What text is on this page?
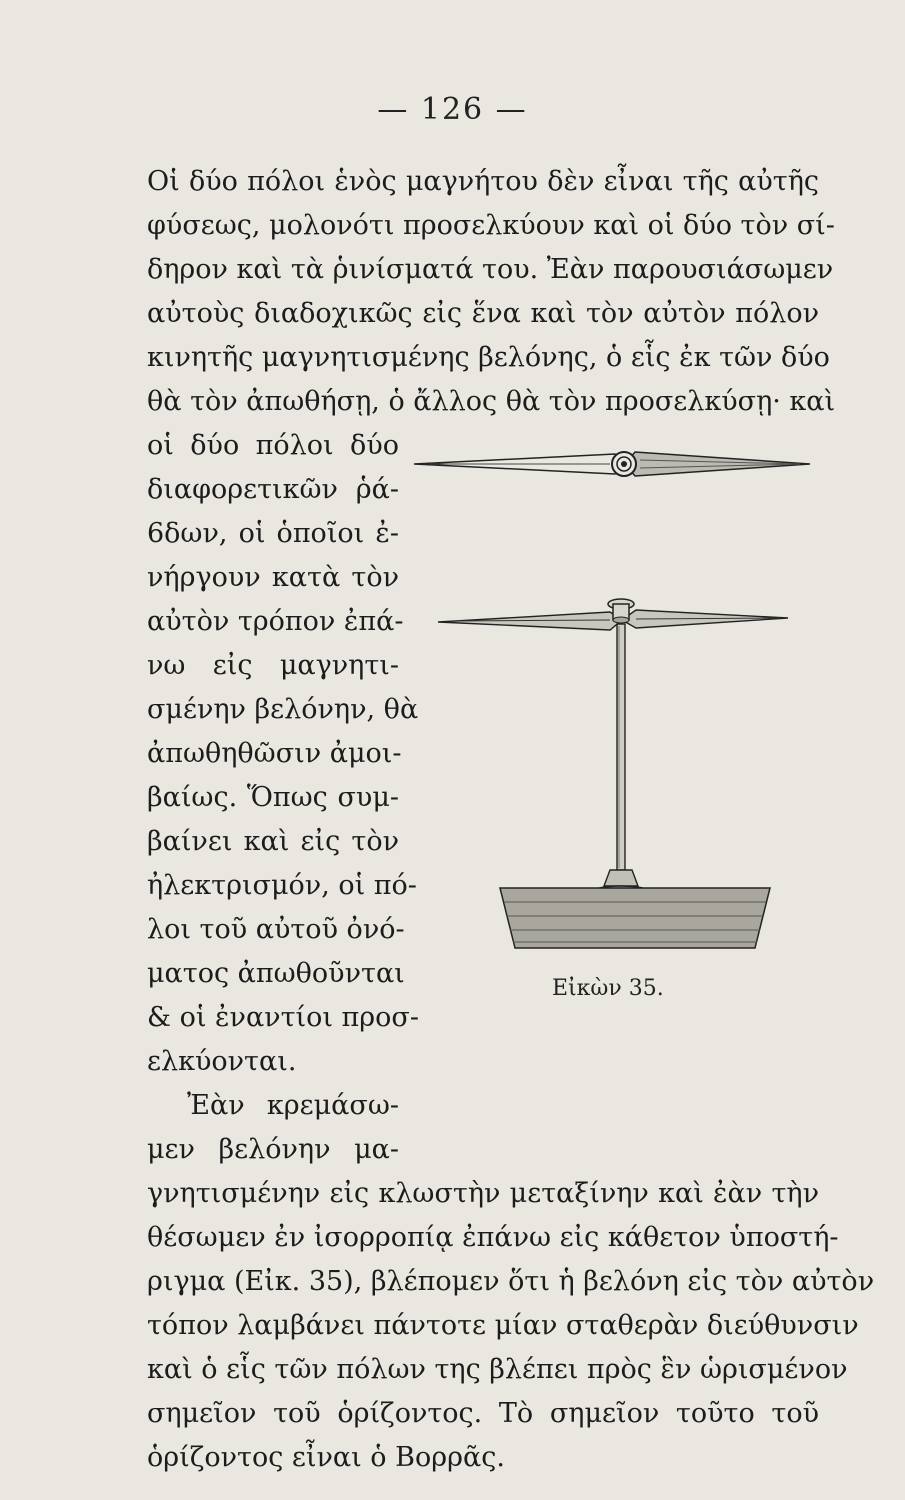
— 126 —
Οἱ δύο πόλοι ἑνὸς μαγνήτου δὲν εἶναι τῆς αὐτῆς
φύσεως, μολονότι προσελκύουν καὶ οἱ δύο τὸν σί-
δηρον καὶ τὰ ῥινίσματά του. Ἐὰν παρουσιάσωμεν
αὐτοὺς διαδοχικῶς εἰς ἕνα καὶ τὸν αὐτὸν πόλον
κινητῆς μαγνητισμένης βελόνης, ὁ εἷς ἐκ τῶν δύο
θὰ τὸν ἀπωθήσῃ, ὁ ἄλλος θὰ τὸν προσελκύσῃ· καὶ
οἱ δύο πόλοι δύο
διαφορετικῶν ῥά-
6δων, οἱ ὁποῖοι ἐ-
νήργουν κατὰ τὸν
αὐτὸν τρόπον ἐπά-
νω εἰς μαγνητι-
σμένην βελόνην, θὰ
ἀπωθηθῶσιν ἀμοι-
βαίως. Ὅπως συμ-
βαίνει καὶ εἰς τὸν
ἠλεκτρισμόν, οἱ πό-
λοι τοῦ αὐτοῦ ὀνό-
ματος ἀπωθοῦνται
& οἱ ἐναντίοι προσ-
ελκύονται.
Ἐὰν κρεμάσω-
μεν βελόνην μα-
γνητισμένην εἰς κλωστὴν μεταξίνην καὶ ἐὰν τὴν
θέσωμεν ἐν ἰσορροπίᾳ ἐπάνω εἰς κάθετον ὑποστή-
ριγμα (Εἰκ. 35), βλέπομεν ὅτι ἡ βελόνη εἰς τὸν αὐτὸν
τόπον λαμβάνει πάντοτε μίαν σταθερὰν διεύθυνσιν
καὶ ὁ εἷς τῶν πόλων της βλέπει πρὸς ἓν ὡρισμένον
σημεῖον τοῦ ὁρίζοντος. Τὸ σημεῖον τοῦτο τοῦ
ὁρίζοντος εἶναι ὁ Βορρᾶς.
Εἰκὼν 35.
